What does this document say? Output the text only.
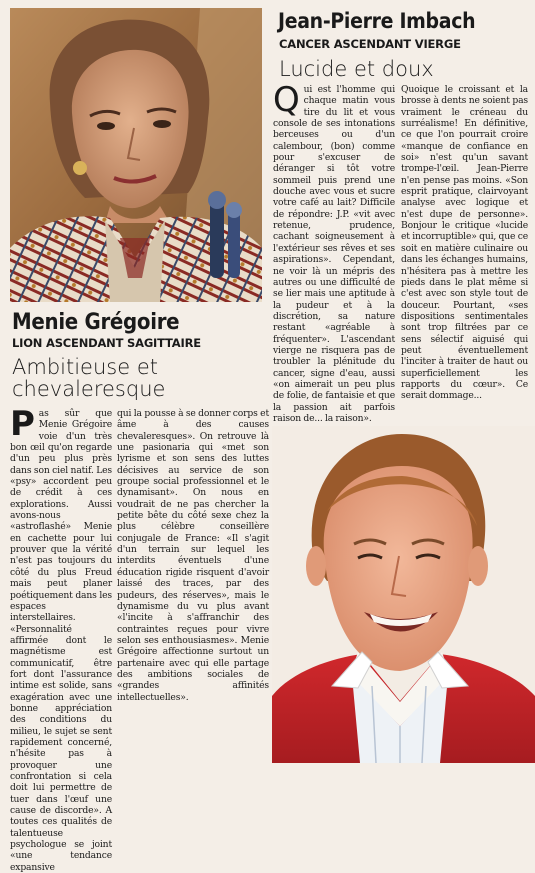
Jean-Pierre Imbach
CANCER ASCENDANT VIERGE
Lucide et doux

Qui est l'homme qui chaque matin vous tire du lit et vous console de ses intonations berceuses ou d'un calembour, (bon) comme pour s'excuser de déranger si tôt votre sommeil puis prend une douche avec vous et sucre votre café au lait? Difficile de répondre: J.P. «vit avec retenue, prudence, cachant soigneusement à l'extérieur ses rêves et ses aspirations». Cependant, ne voir là un mépris des autres ou une difficulté de se lier mais une aptitude à la pudeur et à la discrétion, sa nature restant «agréable à fréquenter». L'ascendant vierge ne risquera pas de troubler la plénitude du cancer, signe d'eau, aussi «on aimerait un peu plus de folie, de fantaisie et que la passion ait parfois raison de... la raison».

Quoique le croissant et la brosse à dents ne soient pas vraiment le créneau du surréalisme! En définitive, ce que l'on pourrait croire «manque de confiance en soi» n'est qu'un savant trompe-l'œil. Jean-Pierre n'en pense pas moins. «Son esprit pratique, clairvoyant analyse avec logique et n'est dupe de personne». Bonjour le critique «lucide et incorruptible» qui, que ce soit en matière culinaire ou dans les échanges humains, n'hésitera pas à mettre les pieds dans le plat même si c'est avec son style tout de douceur. Pourtant, «ses dispositions sentimentales sont trop filtrées par ce sens sélectif aiguisé qui peut éventuellement l'inciter à traiter de haut ou superficiellement les rapports du cœur». Ce serait dommage...

Menie Grégoire
LION ASCENDANT SAGITTAIRE
Ambitieuse et chevaleresque

Pas sûr que Menie Grégoire voie d'un très bon œil qu'on regarde d'un peu plus près dans son ciel natif. Les «psy» accordent peu de crédit à ces explorations. Aussi avons-nous «astroflashé» Menie en cachette pour lui prouver que la vérité n'est pas toujours du côté du plus Freud mais peut planer poétiquement dans les espaces interstellaires. «Personnalité affirmée dont le magnétisme est communicatif, être fort dont l'assurance intime est solide, sans exagération avec une bonne appréciation des conditions du milieu, le sujet se sent rapidement concerné, n'hésite pas à provoquer une confrontation si cela doit lui permettre de tuer dans l'œuf une cause de discorde». A toutes ces qualités de talentueuse psychologue se joint «une tendance expansive

qui la pousse à se donner corps et âme à des causes chevaleresques». On retrouve là une pasionaria qui «met son lyrisme et son sens des luttes décisives au service de son groupe social professionnel et le dynamisant». On nous en voudrait de ne pas chercher la petite bête du côté sexe chez la plus célèbre conseillère conjugale de France: «Il s'agit d'un terrain sur lequel les interdits éventuels d'une éducation rigide risquent d'avoir laissé des traces, par des pudeurs, des réserves», mais le dynamisme du vu plus avant «l'incite à s'affranchir des contraintes reçues pour vivre selon ses enthousiasmes». Menie Grégoire affectionne surtout un partenaire avec qui elle partage des ambitions sociales de «grandes affinités intellectuelles».
